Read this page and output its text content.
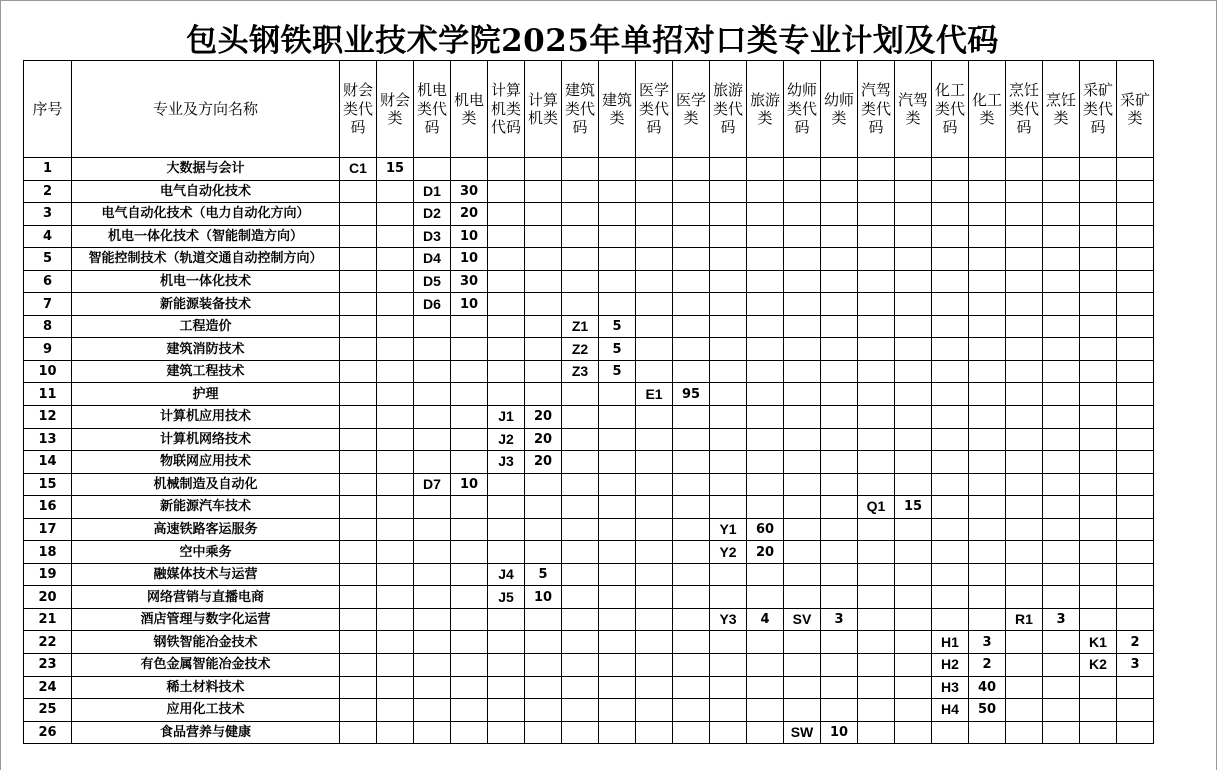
包头钢铁职业技术学院2025年单招对口类专业计划及代码
序号	专业及方向名称	财会类代码	财会类	机电类代码	机电类	计算机类代码	计算机类	建筑类代码	建筑类	医学类代码	医学类	旅游类代码	旅游类	幼师类代码	幼师类	汽驾类代码	汽驾类	化工类代码	化工类	烹饪类代码	烹饪类	采矿类代码	采矿类
1	大数据与会计	C1	15																				
2	电气自动化技术			D1	30																		
3	电气自动化技术（电力自动化方向）			D2	20																		
4	机电一体化技术（智能制造方向）			D3	10																		
5	智能控制技术（轨道交通自动控制方向）			D4	10																		
6	机电一体化技术			D5	30																		
7	新能源装备技术			D6	10																		
8	工程造价							Z1	5														
9	建筑消防技术							Z2	5														
10	建筑工程技术							Z3	5														
11	护理									E1	95												
12	计算机应用技术					J1	20																
13	计算机网络技术					J2	20																
14	物联网应用技术					J3	20																
15	机械制造及自动化			D7	10																		
16	新能源汽车技术															Q1	15						
17	高速铁路客运服务											Y1	60										
18	空中乘务											Y2	20										
19	融媒体技术与运营					J4	5																
20	网络营销与直播电商					J5	10																
21	酒店管理与数字化运营											Y3	4	SV	3					R1	3		
22	钢铁智能冶金技术																	H1	3			K1	2
23	有色金属智能冶金技术																	H2	2			K2	3
24	稀土材料技术																	H3	40				
25	应用化工技术																	H4	50				
26	食品营养与健康													SW	10								
